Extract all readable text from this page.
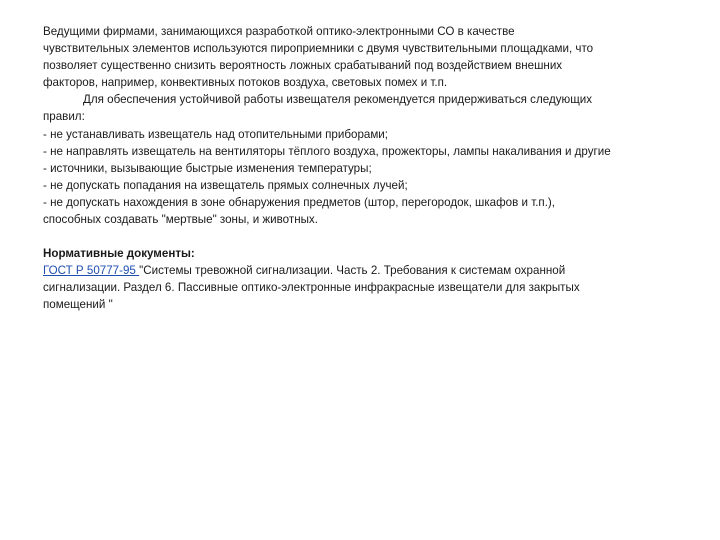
Ведущими фирмами, занимающихся разработкой оптико-электронными СО в качестве

чувствительных элементов используются пироприемники с двумя чувствительными площадками, что

позволяет существенно снизить вероятность ложных срабатываний под воздействием внешних

факторов, например, конвективных потоков воздуха, световых помех и т.п.

Для обеспечения устойчивой работы извещателя рекомендуется придерживаться следующих

правил:

- не устанавливать извещатель над отопительными приборами;

- не направлять извещатель на вентиляторы тёплого воздуха, прожекторы, лампы накаливания и другие

- источники, вызывающие быстрые изменения температуры;

- не допускать попадания на извещатель прямых солнечных лучей;

- не допускать нахождения в зоне обнаружения предметов (штор, перегородок, шкафов и т.п.),

способных создавать "мертвые" зоны, и животных.

Нормативные документы:

ГОСТ Р 50777-95 "Системы тревожной сигнализации. Часть 2. Требования к системам охранной

сигнализации. Раздел 6. Пассивные оптико-электронные инфракрасные извещатели для закрытых

помещений "
